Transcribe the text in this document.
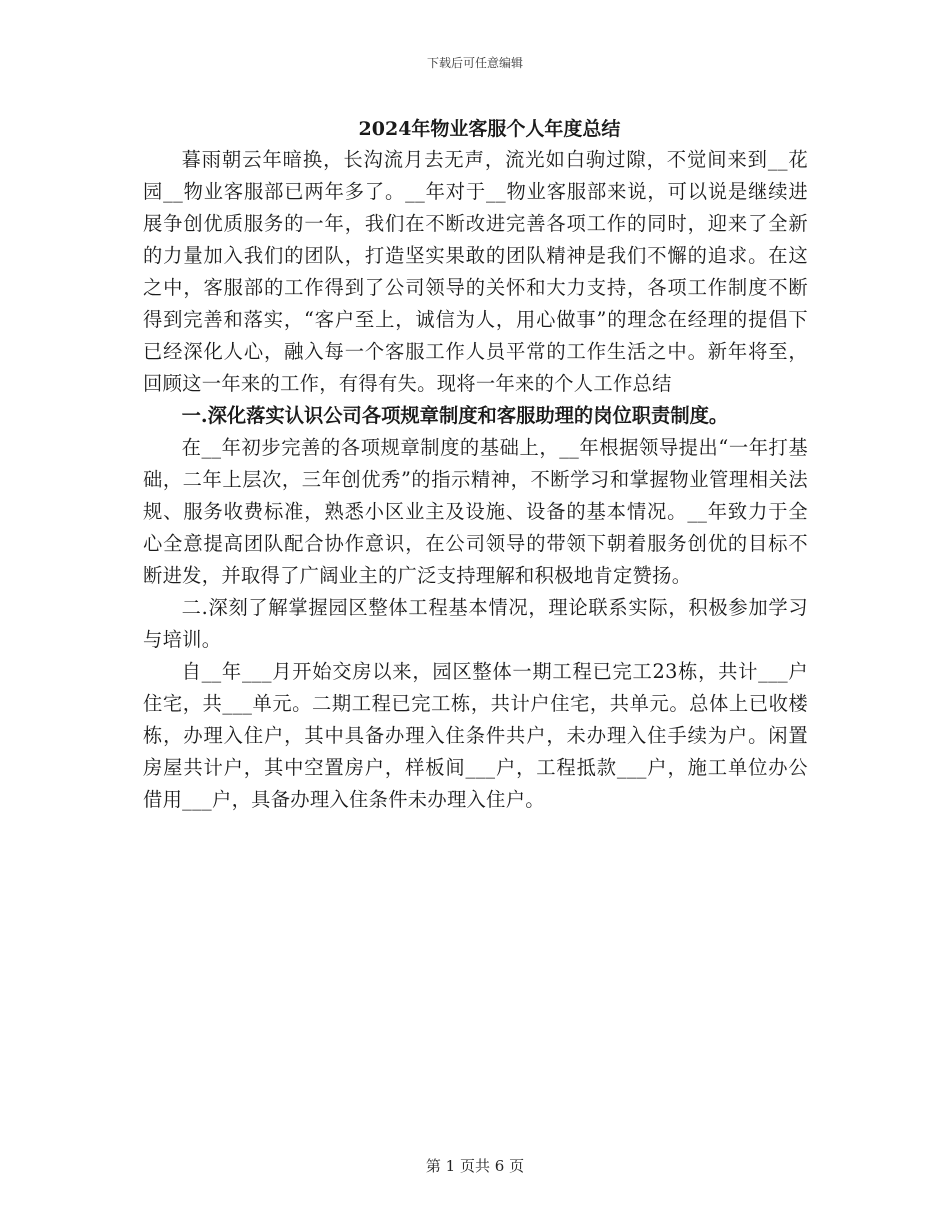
下载后可任意编辑
2024年物业客服个人年度总结

暮雨朝云年暗换，长沟流月去无声，流光如白驹过隙，不觉间来到__花园__物业客服部已两年多了。__年对于__物业客服部来说，可以说是继续进展争创优质服务的一年，我们在不断改进完善各项工作的同时，迎来了全新的力量加入我们的团队，打造坚实果敢的团队精神是我们不懈的追求。在这之中，客服部的工作得到了公司领导的关怀和大力支持，各项工作制度不断得到完善和落实，“客户至上，诚信为人，用心做事”的理念在经理的提倡下已经深化人心，融入每一个客服工作人员平常的工作生活之中。新年将至，回顾这一年来的工作，有得有失。现将一年来的个人工作总结

一.深化落实认识公司各项规章制度和客服助理的岗位职责制度。

在__年初步完善的各项规章制度的基础上，__年根据领导提出“一年打基础，二年上层次，三年创优秀”的指示精神，不断学习和掌握物业管理相关法规、服务收费标准，熟悉小区业主及设施、设备的基本情况。__年致力于全心全意提高团队配合协作意识，在公司领导的带领下朝着服务创优的目标不断进发，并取得了广阔业主的广泛支持理解和积极地肯定赞扬。

二.深刻了解掌握园区整体工程基本情况，理论联系实际，积极参加学习与培训。

自__年___月开始交房以来，园区整体一期工程已完工23栋，共计___户住宅，共___单元。二期工程已完工栋，共计户住宅，共单元。总体上已收楼栋，办理入住户，其中具备办理入住条件共户，未办理入住手续为户。闲置房屋共计户，其中空置房户，样板间___户，工程抵款___户，施工单位办公借用___户，具备办理入住条件未办理入住户。

第 1 页共 6 页
